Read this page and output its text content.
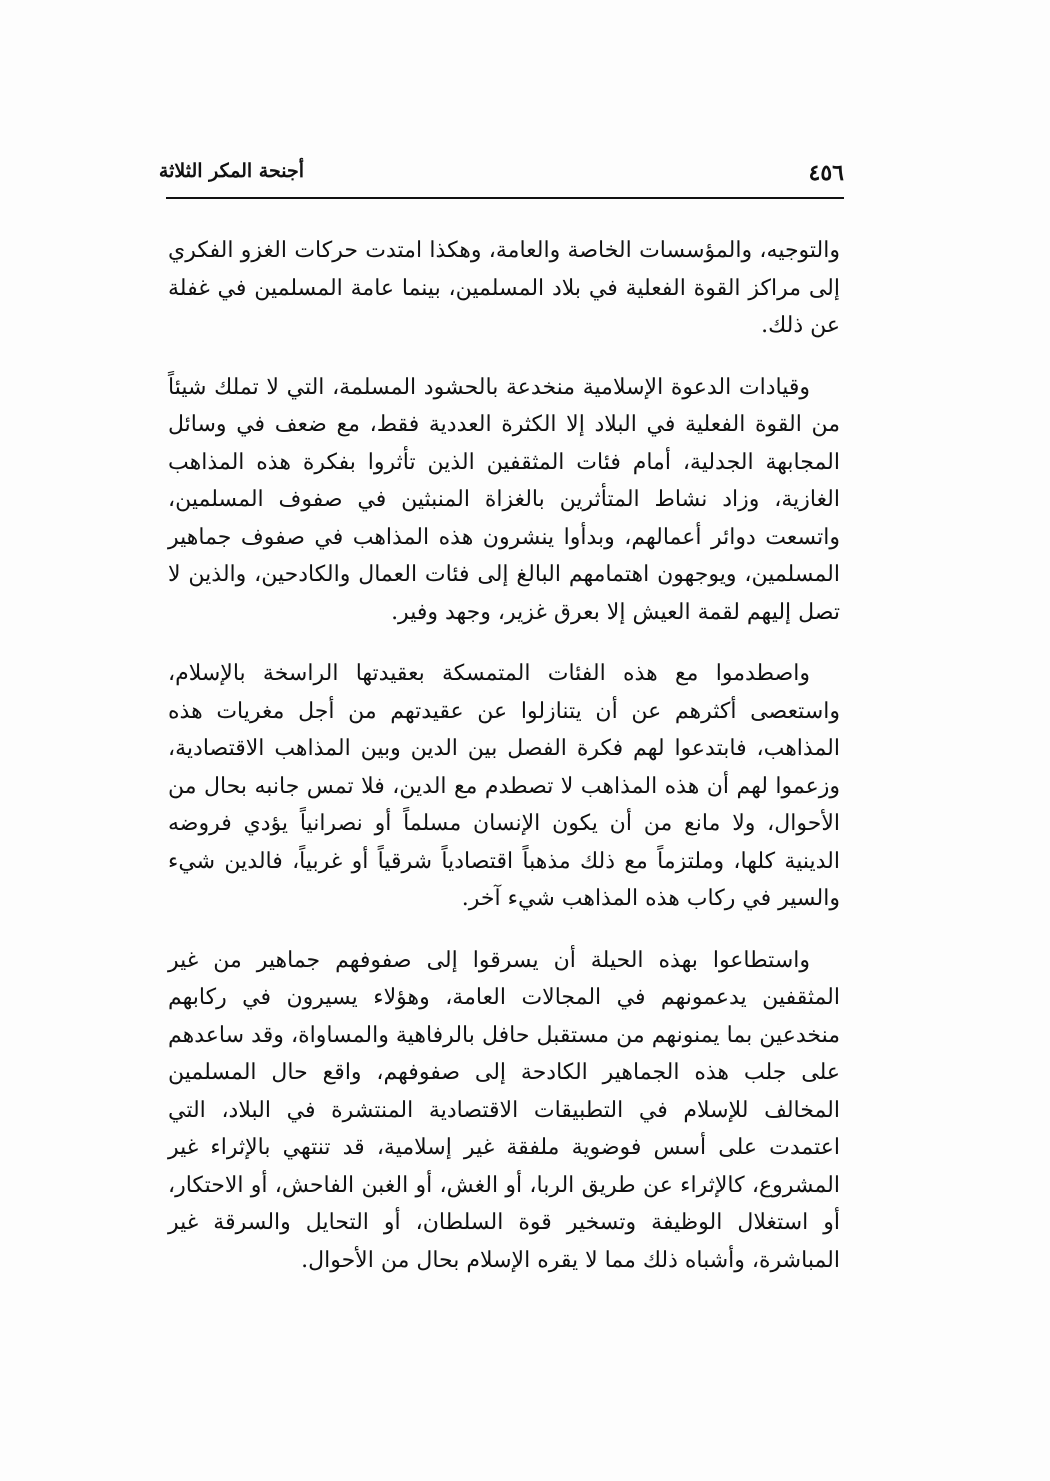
٤٥٦
أجنحة المكر الثلاثة

والتوجيه، والمؤسسات الخاصة والعامة، وهكذا امتدت حركات الغزو الفكري إلى مراكز القوة الفعلية في بلاد المسلمين، بينما عامة المسلمين في غفلة عن ذلك.

وقيادات الدعوة الإسلامية منخدعة بالحشود المسلمة، التي لا تملك شيئاً من القوة الفعلية في البلاد إلا الكثرة العددية فقط، مع ضعف في وسائل المجابهة الجدلية، أمام فئات المثقفين الذين تأثروا بفكرة هذه المذاهب الغازية، وزاد نشاط المتأثرين بالغزاة المنبثين في صفوف المسلمين، واتسعت دوائر أعمالهم، وبدأوا ينشرون هذه المذاهب في صفوف جماهير المسلمين، ويوجهون اهتمامهم البالغ إلى فئات العمال والكادحين، والذين لا تصل إليهم لقمة العيش إلا بعرق غزير، وجهد وفير.

واصطدموا مع هذه الفئات المتمسكة بعقيدتها الراسخة بالإسلام، واستعصى أكثرهم عن أن يتنازلوا عن عقيدتهم من أجل مغريات هذه المذاهب، فابتدعوا لهم فكرة الفصل بين الدين وبين المذاهب الاقتصادية، وزعموا لهم أن هذه المذاهب لا تصطدم مع الدين، فلا تمس جانبه بحال من الأحوال، ولا مانع من أن يكون الإنسان مسلماً أو نصرانياً يؤدي فروضه الدينية كلها، وملتزماً مع ذلك مذهباً اقتصادياً شرقياً أو غربياً، فالدين شيء والسير في ركاب هذه المذاهب شيء آخر.

واستطاعوا بهذه الحيلة أن يسرقوا إلى صفوفهم جماهير من غير المثقفين يدعمونهم في المجالات العامة، وهؤلاء يسيرون في ركابهم منخدعين بما يمنونهم من مستقبل حافل بالرفاهية والمساواة، وقد ساعدهم على جلب هذه الجماهير الكادحة إلى صفوفهم، واقع حال المسلمين المخالف للإسلام في التطبيقات الاقتصادية المنتشرة في البلاد، التي اعتمدت على أسس فوضوية ملفقة غير إسلامية، قد تنتهي بالإثراء غير المشروع، كالإثراء عن طريق الربا، أو الغش، أو الغبن الفاحش، أو الاحتكار، أو استغلال الوظيفة وتسخير قوة السلطان، أو التحايل والسرقة غير المباشرة، وأشباه ذلك مما لا يقره الإسلام بحال من الأحوال.
